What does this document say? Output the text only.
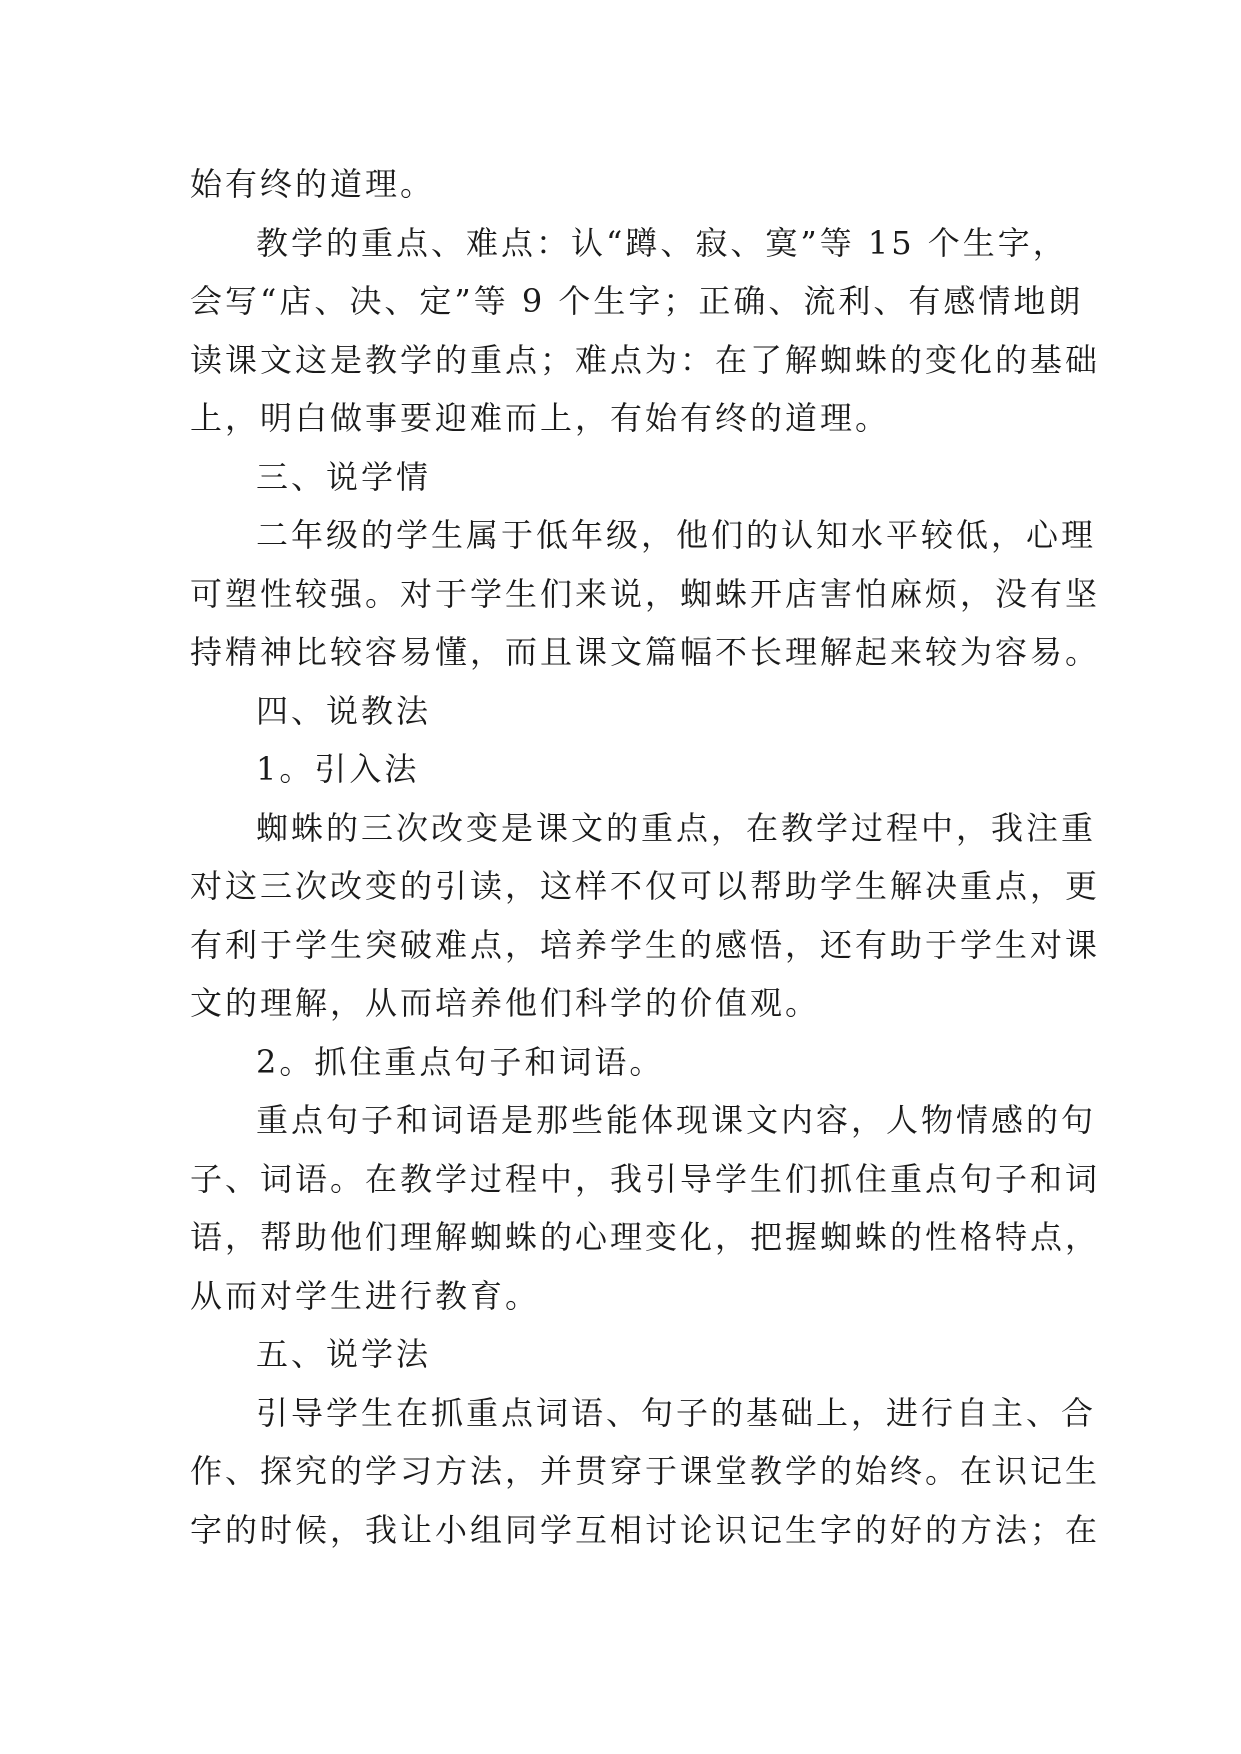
始有终的道理。
教学的重点、难点：认“蹲、寂、寞”等 15 个生字，
会写“店、决、定”等 9 个生字；正确、流利、有感情地朗
读课文这是教学的重点；难点为：在了解蜘蛛的变化的基础
上，明白做事要迎难而上，有始有终的道理。
三、说学情
二年级的学生属于低年级，他们的认知水平较低，心理
可塑性较强。对于学生们来说，蜘蛛开店害怕麻烦，没有坚
持精神比较容易懂，而且课文篇幅不长理解起来较为容易。
四、说教法
1。引入法
蜘蛛的三次改变是课文的重点，在教学过程中，我注重
对这三次改变的引读，这样不仅可以帮助学生解决重点，更
有利于学生突破难点，培养学生的感悟，还有助于学生对课
文的理解，从而培养他们科学的价值观。
2。抓住重点句子和词语。
重点句子和词语是那些能体现课文内容，人物情感的句
子、词语。在教学过程中，我引导学生们抓住重点句子和词
语，帮助他们理解蜘蛛的心理变化，把握蜘蛛的性格特点，
从而对学生进行教育。
五、说学法
引导学生在抓重点词语、句子的基础上，进行自主、合
作、探究的学习方法，并贯穿于课堂教学的始终。在识记生
字的时候，我让小组同学互相讨论识记生字的好的方法；在
